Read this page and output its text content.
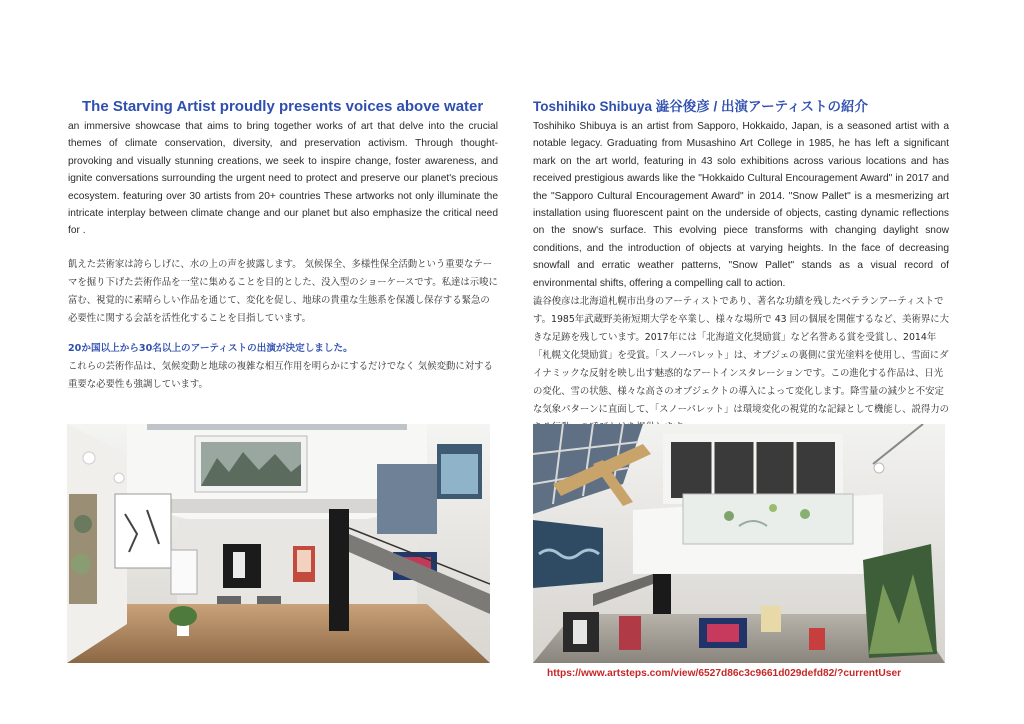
The Starving Artist proudly presents voices above water

an immersive showcase that aims to bring together works of art that delve into the crucial themes of climate conservation, diversity, and preservation activism. Through thought-provoking and visually stunning creations, we seek to inspire change, foster awareness, and ignite conversations surrounding the urgent need to protect and preserve our planet's precious ecosystem. featuring over 30 artists from 20+ countries These artworks not only illuminate the intricate interplay between climate change and our planet but also emphasize the critical need for .

飢えた芸術家は誇らしげに、水の上の声を披露します。 気候保全、多様性保全活動という重要なテーマを掘り下げた芸術作品を一堂に集めることを目的とした、没入型のショーケースです。私達は示唆に富む、視覚的に素晴らしい作品を通じて、変化を促し、地球の貴重な生態系を保護し保存する緊急の必要性に関する会話を活性化することを目指しています。

20か国以上から30名以上のアーティストの出演が決定しました。

これらの芸術作品は、気候変動と地球の複雑な相互作用を明らかにするだけでなく 気候変動に対する重要な必要性も強調しています。

Toshihiko Shibuya 澁谷俊彦 / 出演アーティストの紹介

Toshihiko Shibuya is an artist from Sapporo, Hokkaido, Japan, is a seasoned artist with a notable legacy. Graduating from Musashino Art College in 1985, he has left a significant mark on the art world, featuring in 43 solo exhibitions across various locations and has received prestigious awards like the "Hokkaido Cultural Encouragement Award" in 2017 and the "Sapporo Cultural Encouragement Award" in 2014. "Snow Pallet" is a mesmerizing art installation using fluorescent paint on the underside of objects, casting dynamic reflections on the snow's surface. This evolving piece transforms with changing daylight snow conditions, and the introduction of objects at varying heights. In the face of decreasing snowfall and erratic weather patterns, "Snow Pallet" stands as a visual record of environmental shifts, offering a compelling call to action.

澁谷俊彦は北海道札幌市出身のアーティストであり、著名な功績を残したベテランアーティストです。1985年武蔵野美術短期大学を卒業し、様々な場所で 43 回の個展を開催するなど、美術界に大きな足跡を残しています。2017年には「北海道文化奨励賞」など名誉ある賞を受賞し、2014年「札幌文化奨励賞」を受賞。「スノーパレット」は、オブジェの裏側に蛍光塗料を使用し、雪面にダイナミックな反射を映し出す魅惑的なアートインスタレーションです。この進化する作品は、日光の変化、雪の状態、様々な高さのオブジェクトの導入によって変化します。降雪量の減少と不安定な気象パターンに直面して、「スノーパレット」は環境変化の視覚的な記録として機能し、説得力の

https://www.artsteps.com/view/6527d86c3c9661d029defd82/?currentUser
